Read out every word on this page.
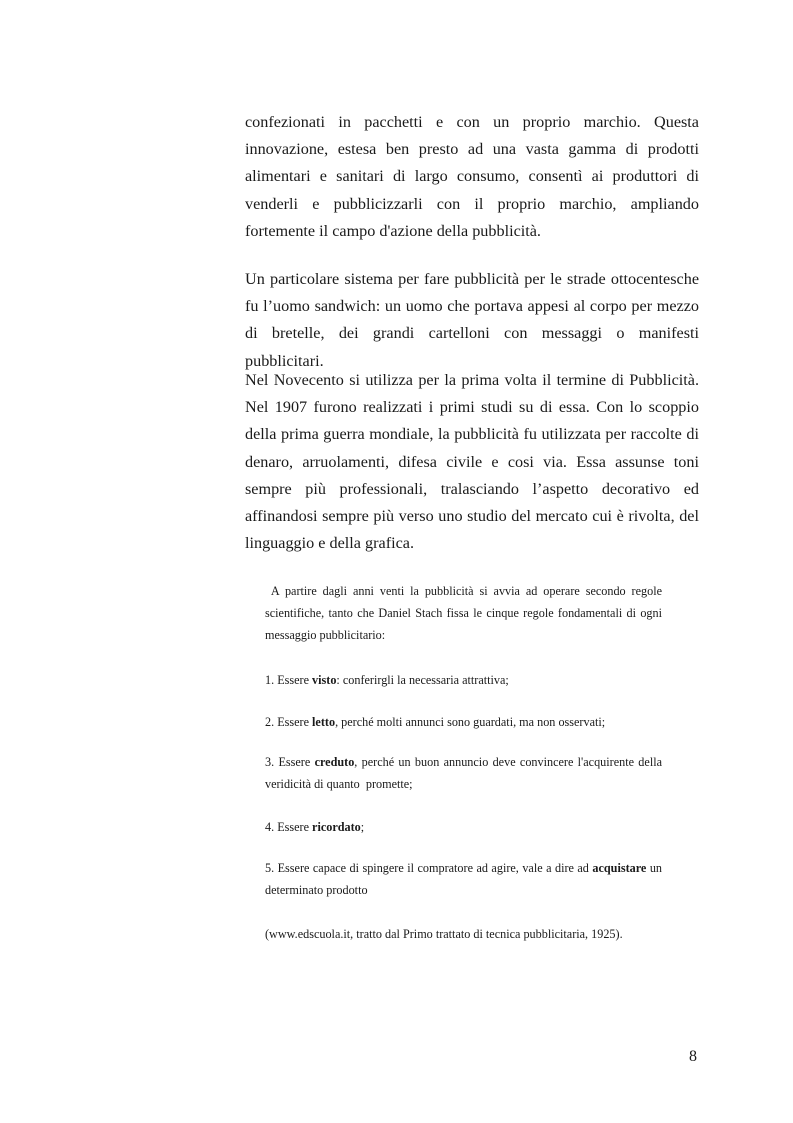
confezionati in pacchetti e con un proprio marchio. Questa innovazione, estesa ben presto ad una vasta gamma di prodotti alimentari e sanitari di largo consumo, consentì ai produttori di venderli e pubblicizzarli con il proprio marchio, ampliando fortemente il campo d'azione della pubblicità.

Un particolare sistema per fare pubblicità per le strade ottocentesche fu l’uomo sandwich: un uomo che portava appesi al corpo per mezzo di bretelle, dei grandi cartelloni con messaggi o manifesti pubblicitari.

Nel Novecento si utilizza per la prima volta il termine di Pubblicità. Nel 1907 furono realizzati i primi studi su di essa. Con lo scoppio della prima guerra mondiale, la pubblicità fu utilizzata per raccolte di denaro, arruolamenti, difesa civile e cosi via. Essa assunse toni sempre più professionali, tralasciando l’aspetto decorativo ed affinandosi sempre più verso uno studio del mercato cui è rivolta, del linguaggio e della grafica.

A partire dagli anni venti la pubblicità si avvia ad operare secondo regole scientifiche, tanto che Daniel Stach fissa le cinque regole fondamentali di ogni messaggio pubblicitario:

1. Essere visto: conferirgli la necessaria attrattiva;

2. Essere letto, perché molti annunci sono guardati, ma non osservati;

3. Essere creduto, perché un buon annuncio deve convincere l'acquirente della veridicità di quanto  promette;

4. Essere ricordato;

5. Essere capace di spingere il compratore ad agire, vale a dire ad acquistare un determinato prodotto

(www.edscuola.it, tratto dal Primo trattato di tecnica pubblicitaria, 1925).

8
